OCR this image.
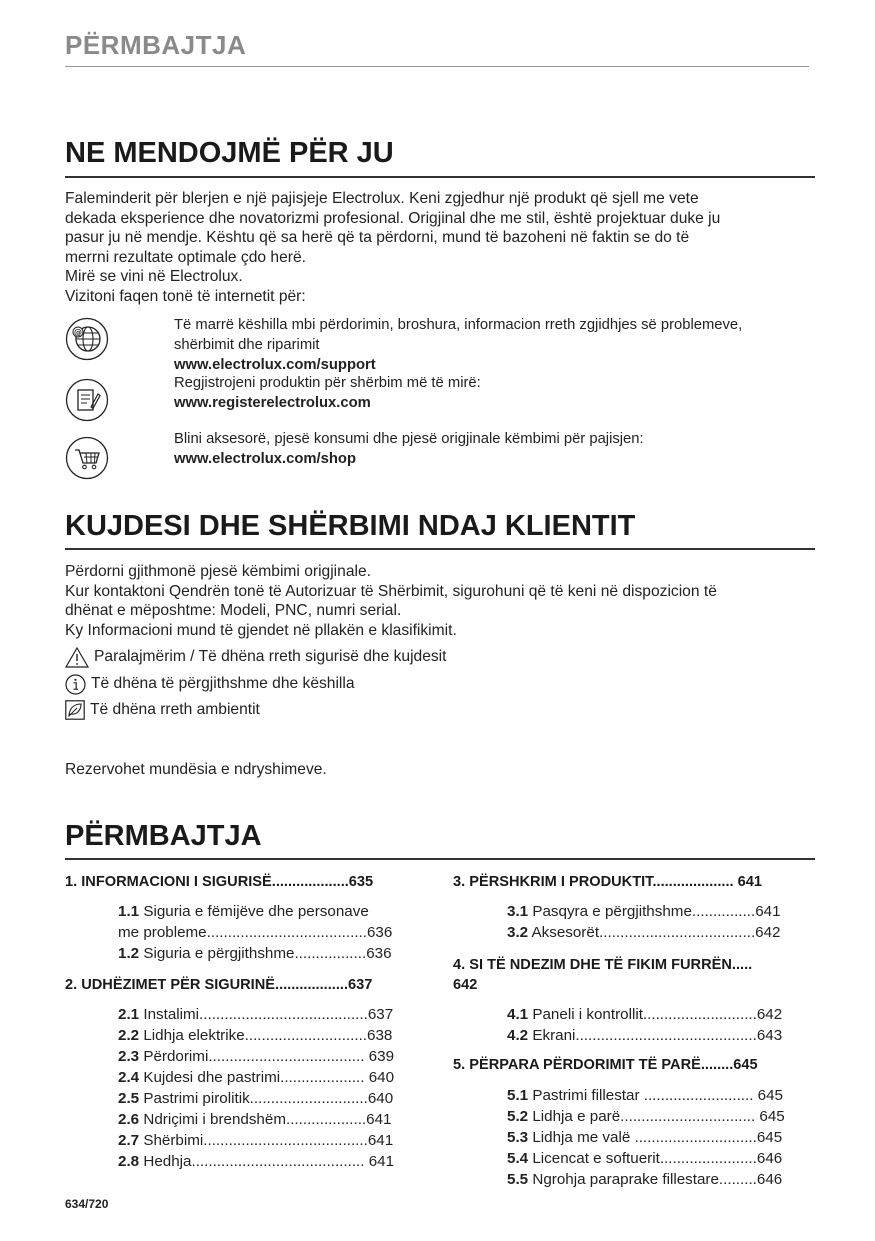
PËRMBAJTJA
NE MENDOJMË PËR JU
Faleminderit për blerjen e një pajisjeje Electrolux. Keni zgjedhur një produkt që sjell me vete
dekada eksperience dhe novatorizmi profesional. Origjinal dhe me stil, është projektuar duke ju
pasur ju në mendje. Kështu që sa herë që ta përdorni, mund të bazoheni në faktin se do të
merrni rezultate optimale çdo herë.
Mirë se vini në Electrolux.
Vizitoni faqen tonë të internetit për:
@	Të marrë këshilla mbi përdorimin, broshura, informacion rreth zgjidhjes së problemeve,
shërbimit dhe riparimit
www.electrolux.com/support
Regjistrojeni produktin për shërbim më të mirë:
www.registerelectrolux.com
Blini aksesorë, pjesë konsumi dhe pjesë origjinale këmbimi për pajisjen:
www.electrolux.com/shop
KUJDESI DHE SHËRBIMI NDAJ KLIENTIT
Përdorni gjithmonë pjesë këmbimi origjinale.
Kur kontaktoni Qendrën tonë të Autorizuar të Shërbimit, sigurohuni që të keni në dispozicion të
dhënat e mëposhtme: Modeli, PNC, numri serial.
Ky Informacioni mund të gjendet në pllakën e klasifikimit.
Paralajmërim / Të dhëna rreth sigurisë dhe kujdesit
Të dhëna të përgjithshme dhe këshilla
Të dhëna rreth ambientit
Rezervohet mundësia e ndryshimeve.
PËRMBAJTJA
1. INFORMACIONI I SIGURISË...................635
1.1 Siguria e fëmijëve dhe personave
me probleme......................................636
1.2 Siguria e përgjithshme.................636
2. UDHËZIMET PËR SIGURINË..................637
2.1 Instalimi........................................637
2.2 Lidhja elektrike.............................638
2.3 Përdorimi..................................... 639
2.4 Kujdesi dhe pastrimi.................... 640
2.5 Pastrimi pirolitik............................640
2.6 Ndriçimi i brendshëm...................641
2.7 Shërbimi.......................................641
2.8 Hedhja......................................... 641
3. PËRSHKRIM I PRODUKTIT.................... 641
3.1 Pasqyra e përgjithshme...............641
3.2 Aksesorët.....................................642
4. SI TË NDEZIM DHE TË FIKIM FURRËN.....
642
4.1 Paneli i kontrollit...........................642
4.2 Ekrani...........................................643
5. PËRPARA PËRDORIMIT TË PARË........645
5.1 Pastrimi fillestar .......................... 645
5.2 Lidhja e parë................................ 645
5.3 Lidhja me valë .............................645
5.4 Licencat e softuerit.......................646
5.5 Ngrohja paraprake fillestare.........646
634/720
